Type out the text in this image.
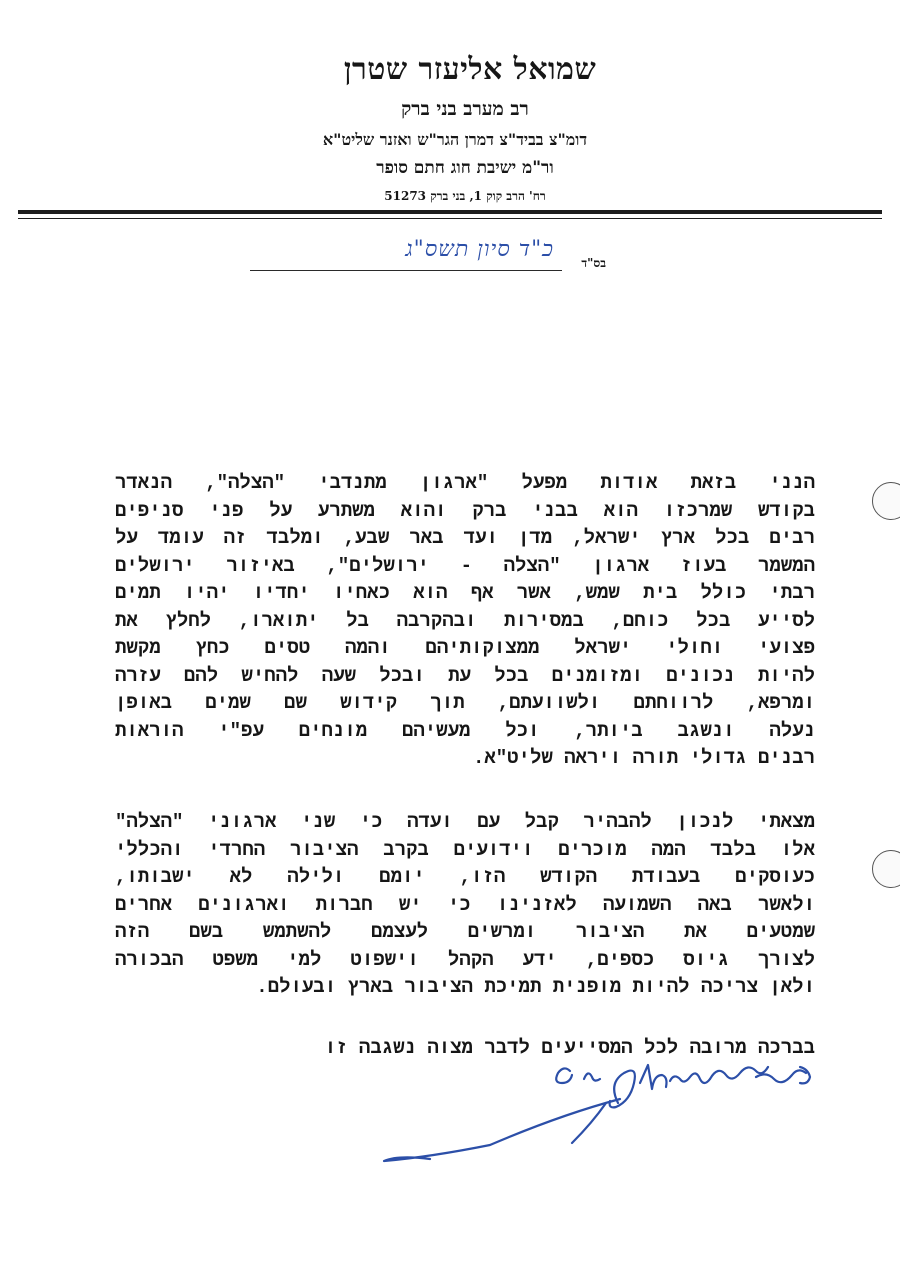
שמואל אליעזר שטרן
רב מערב בני ברק
דומ"צ בביד"צ דמרן הגר"ש ואזנר שליט"א
ור"מ ישיבת חוג חתם סופר
רח' הרב קוק 1, בני ברק 51273
בס"ד
כ"ד סיון תשס"ג
הנני בזאת אודות מפעל "ארגון מתנדבי "הצלה", הנאדר
בקודש שמרכזו הוא בבני ברק והוא משתרע על פני סניפים
רבים בכל ארץ ישראל, מדן ועד באר שבע, ומלבד זה עומד על
המשמר בעוז ארגון "הצלה - ירושלים", באיזור ירושלים
רבתי כולל בית שמש, אשר אף הוא כאחיו יחדיו יהיו תמים
לסייע בכל כוחם, במסירות ובהקרבה בל יתוארו, לחלץ את
פצועי וחולי ישראל ממצוקותיהם והמה טסים כחץ מקשת
להיות נכונים ומזומנים בכל עת ובכל שעה להחיש להם עזרה
ומרפא, לרווחתם ולשוועתם, תוך קידוש שם שמים באופן
נעלה ונשגב ביותר, וכל מעשיהם מונחים עפ"י הוראות
רבנים גדולי תורה ויראה שליט"א.
מצאתי לנכון להבהיר קבל עם ועדה כי שני ארגוני "הצלה"
אלו בלבד המה מוכרים וידועים בקרב הציבור החרדי והכללי
כעוסקים בעבודת הקודש הזו, יומם ולילה לא ישבותו,
ולאשר באה השמועה לאזנינו כי יש חברות וארגונים אחרים
שמטעים את הציבור ומרשים לעצמם להשתמש בשם הזה
לצורך גיוס כספים, ידע הקהל וישפוט למי משפט הבכורה
ולאן צריכה להיות מופנית תמיכת הציבור בארץ ובעולם.
בברכה מרובה לכל המסייעים לדבר מצוה נשגבה זו
